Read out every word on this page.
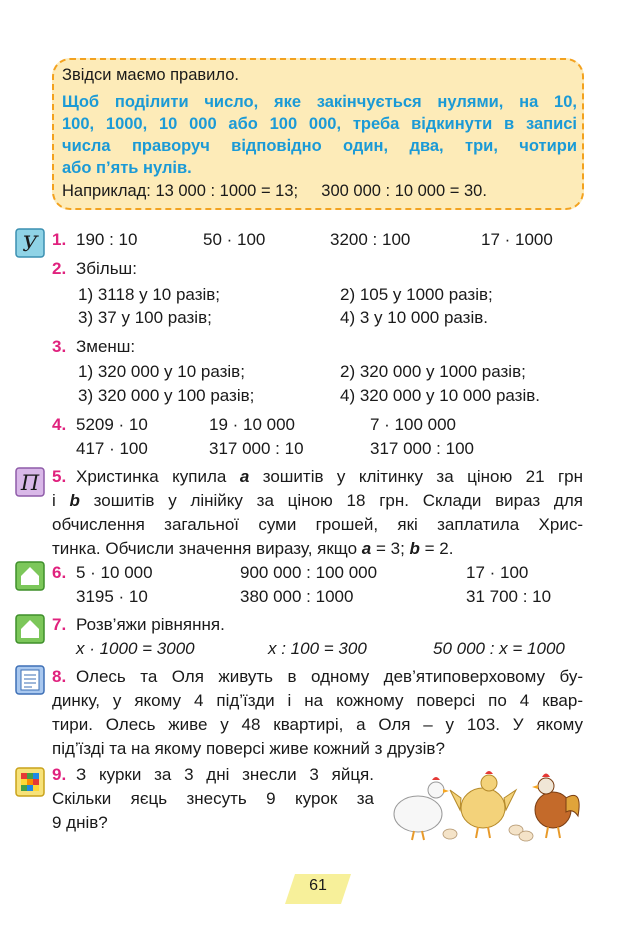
Звідси маємо правило.
Щоб поділити число, яке закінчується нулями, на 10,
100, 1000, 10 000 або 100 000, треба відкинути в записі
числа праворуч відповідно один, два, три, чотири
або п’ять нулів.
Наприклад: 13 000 : 1000 = 13; 300 000 : 10 000 = 30.
У 1. 190 : 10	50 · 100	3200 : 100	17 · 1000
2. Збільш:
1) 3118 у 10 разів;	2) 105 у 1000 разів;
3) 37 у 100 разів;	4) 3 у 10 000 разів.
3. Зменш:
1) 320 000 у 10 разів;	2) 320 000 у 1000 разів;
3) 320 000 у 100 разів;	4) 320 000 у 10 000 разів.
4. 5209 · 10	19 · 10 000	7 · 100 000
417 · 100	317 000 : 10	317 000 : 100
П 5. Христинка купила a зошитів у клітинку за ціною 21 грн
і b зошитів у лінійку за ціною 18 грн. Склади вираз для
обчислення загальної суми грошей, які заплатила Хрис-
тинка. Обчисли значення виразу, якщо a = 3; b = 2.
6. 5 · 10 000	900 000 : 100 000	17 · 100
3195 · 10	380 000 : 1000	31 700 : 10
7. Розв’яжи рівняння.
x · 1000 = 3000	x : 100 = 300	50 000 : x = 1000
8. Олесь та Оля живуть в одному дев’ятиповерховому бу-
динку, у якому 4 під’їзди і на кожному поверсі по 4 квар-
тири. Олесь живе у 48 квартирі, а Оля – у 103. У якому
під’їзді та на якому поверсі живе кожний з друзів?
9. З курки за 3 дні знесли 3 яйця.
Скільки яєць знесуть 9 курок за
9 днів?
61
